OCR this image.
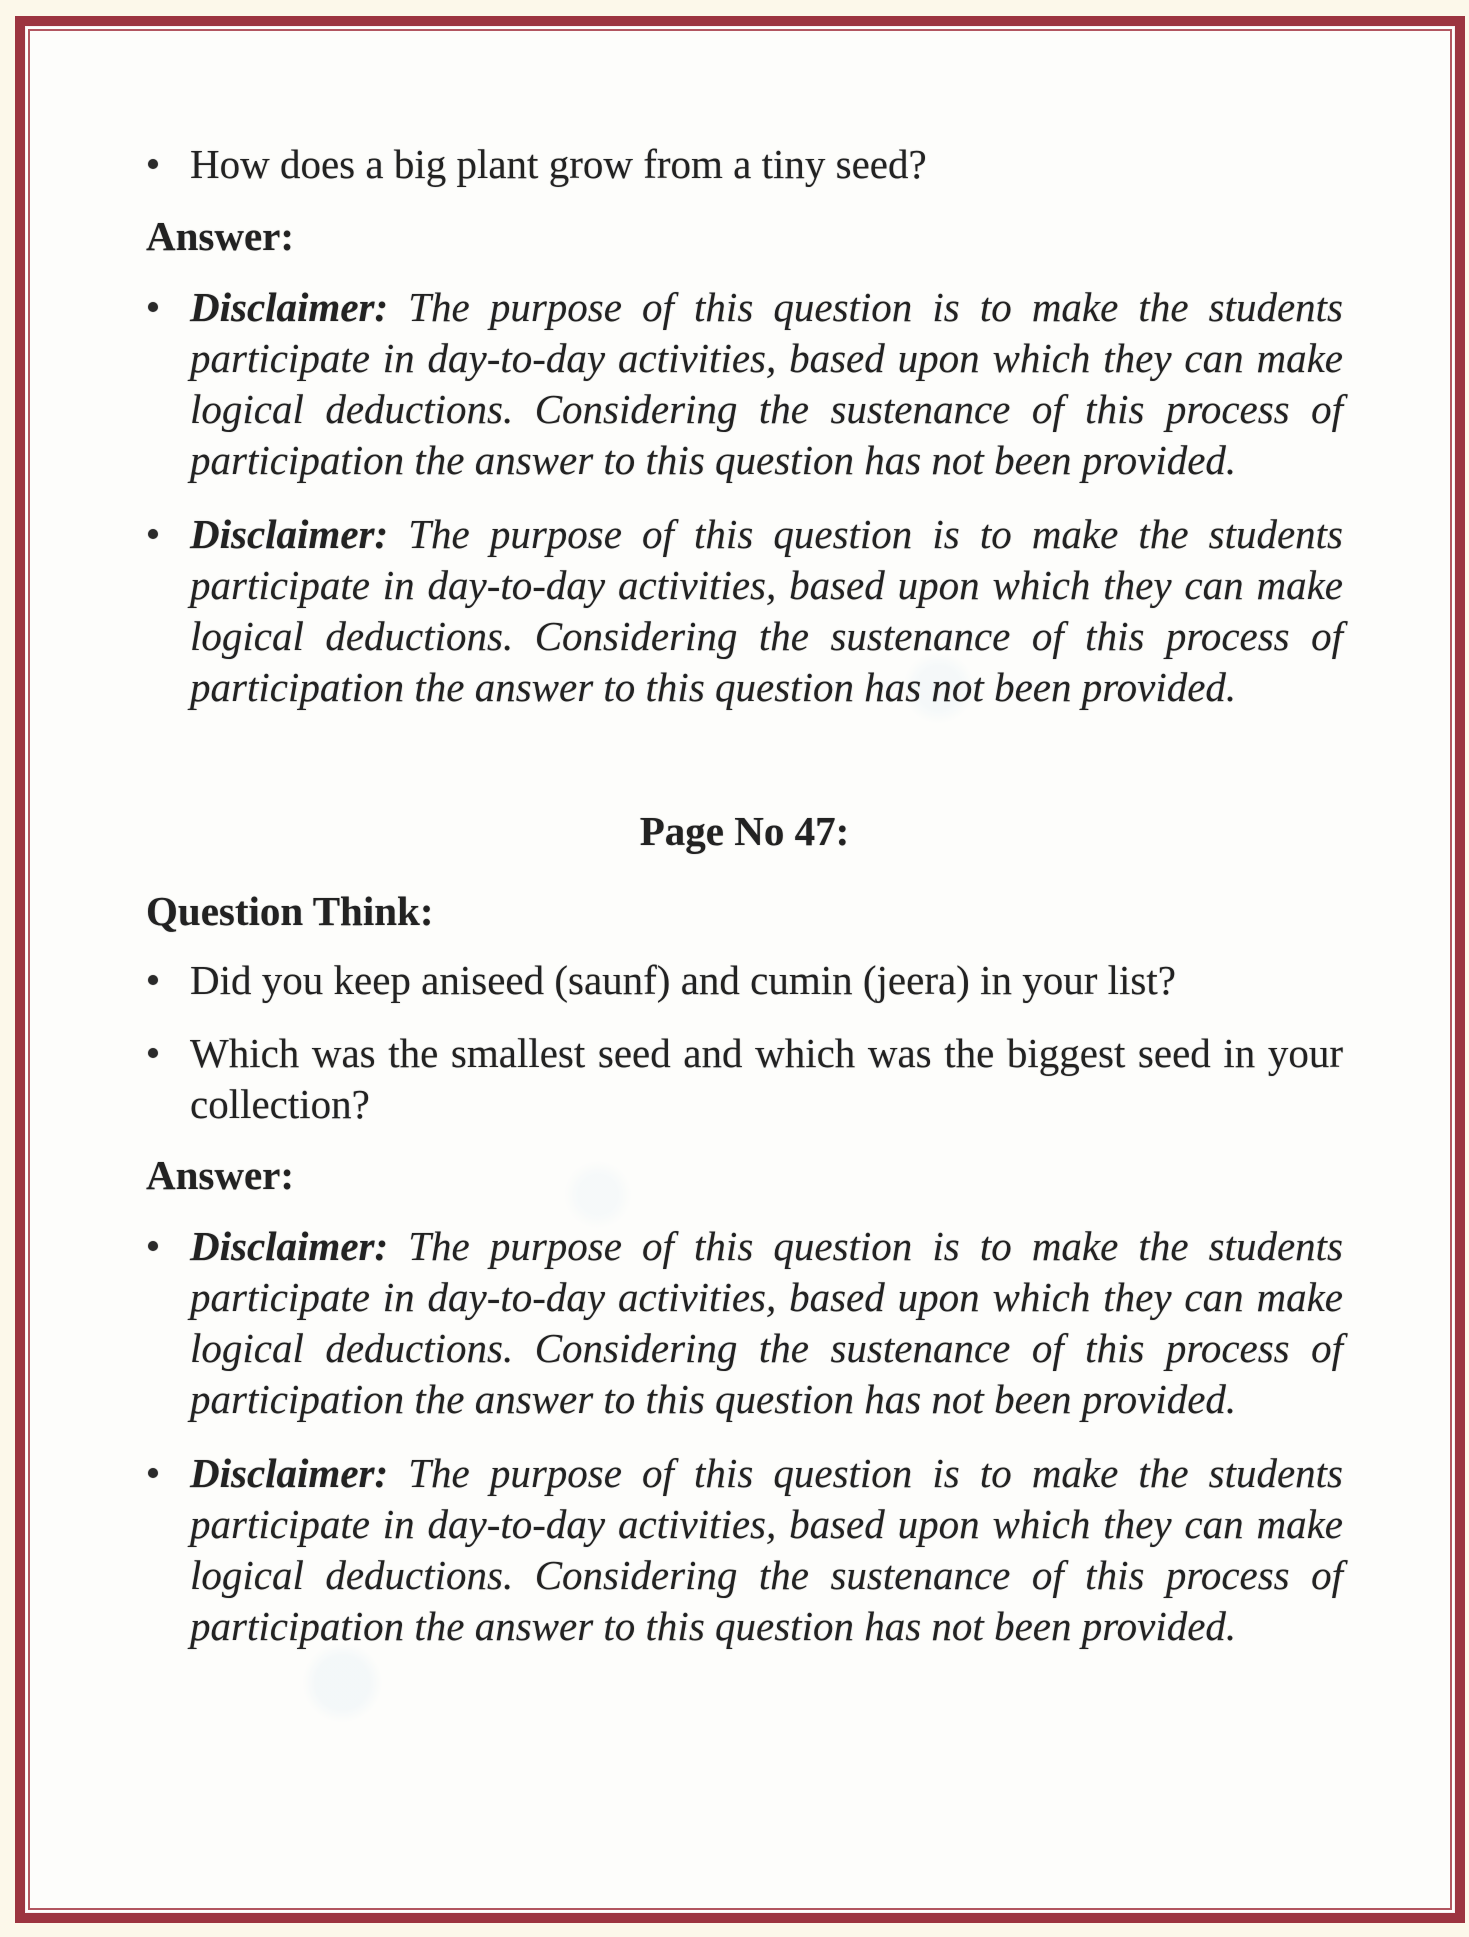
How does a big plant grow from a tiny seed?

Answer:

Disclaimer: The purpose of this question is to make the students participate in day-to-day activities, based upon which they can make logical deductions. Considering the sustenance of this process of participation the answer to this question has not been provided.

Disclaimer: The purpose of this question is to make the students participate in day-to-day activities, based upon which they can make logical deductions. Considering the sustenance of this process of participation the answer to this question has not been provided.

Page No 47:

Question Think:

Did you keep aniseed (saunf) and cumin (jeera) in your list?

Which was the smallest seed and which was the biggest seed in your collection?

Answer:

Disclaimer: The purpose of this question is to make the students participate in day-to-day activities, based upon which they can make logical deductions. Considering the sustenance of this process of participation the answer to this question has not been provided.

Disclaimer: The purpose of this question is to make the students participate in day-to-day activities, based upon which they can make logical deductions. Considering the sustenance of this process of participation the answer to this question has not been provided.
